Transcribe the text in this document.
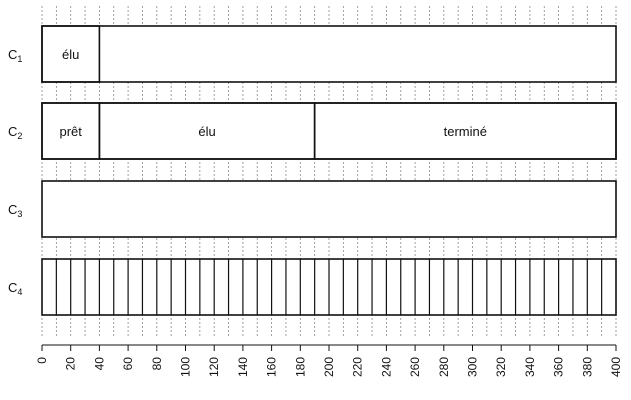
élu
$C_1$
prêt	élu	terminé
$C_2$
$C_3$
$C_4$
0 20 40 60 80 100 120 140 160 180 200 220 240 260 280 300 320 340 360 380 400
